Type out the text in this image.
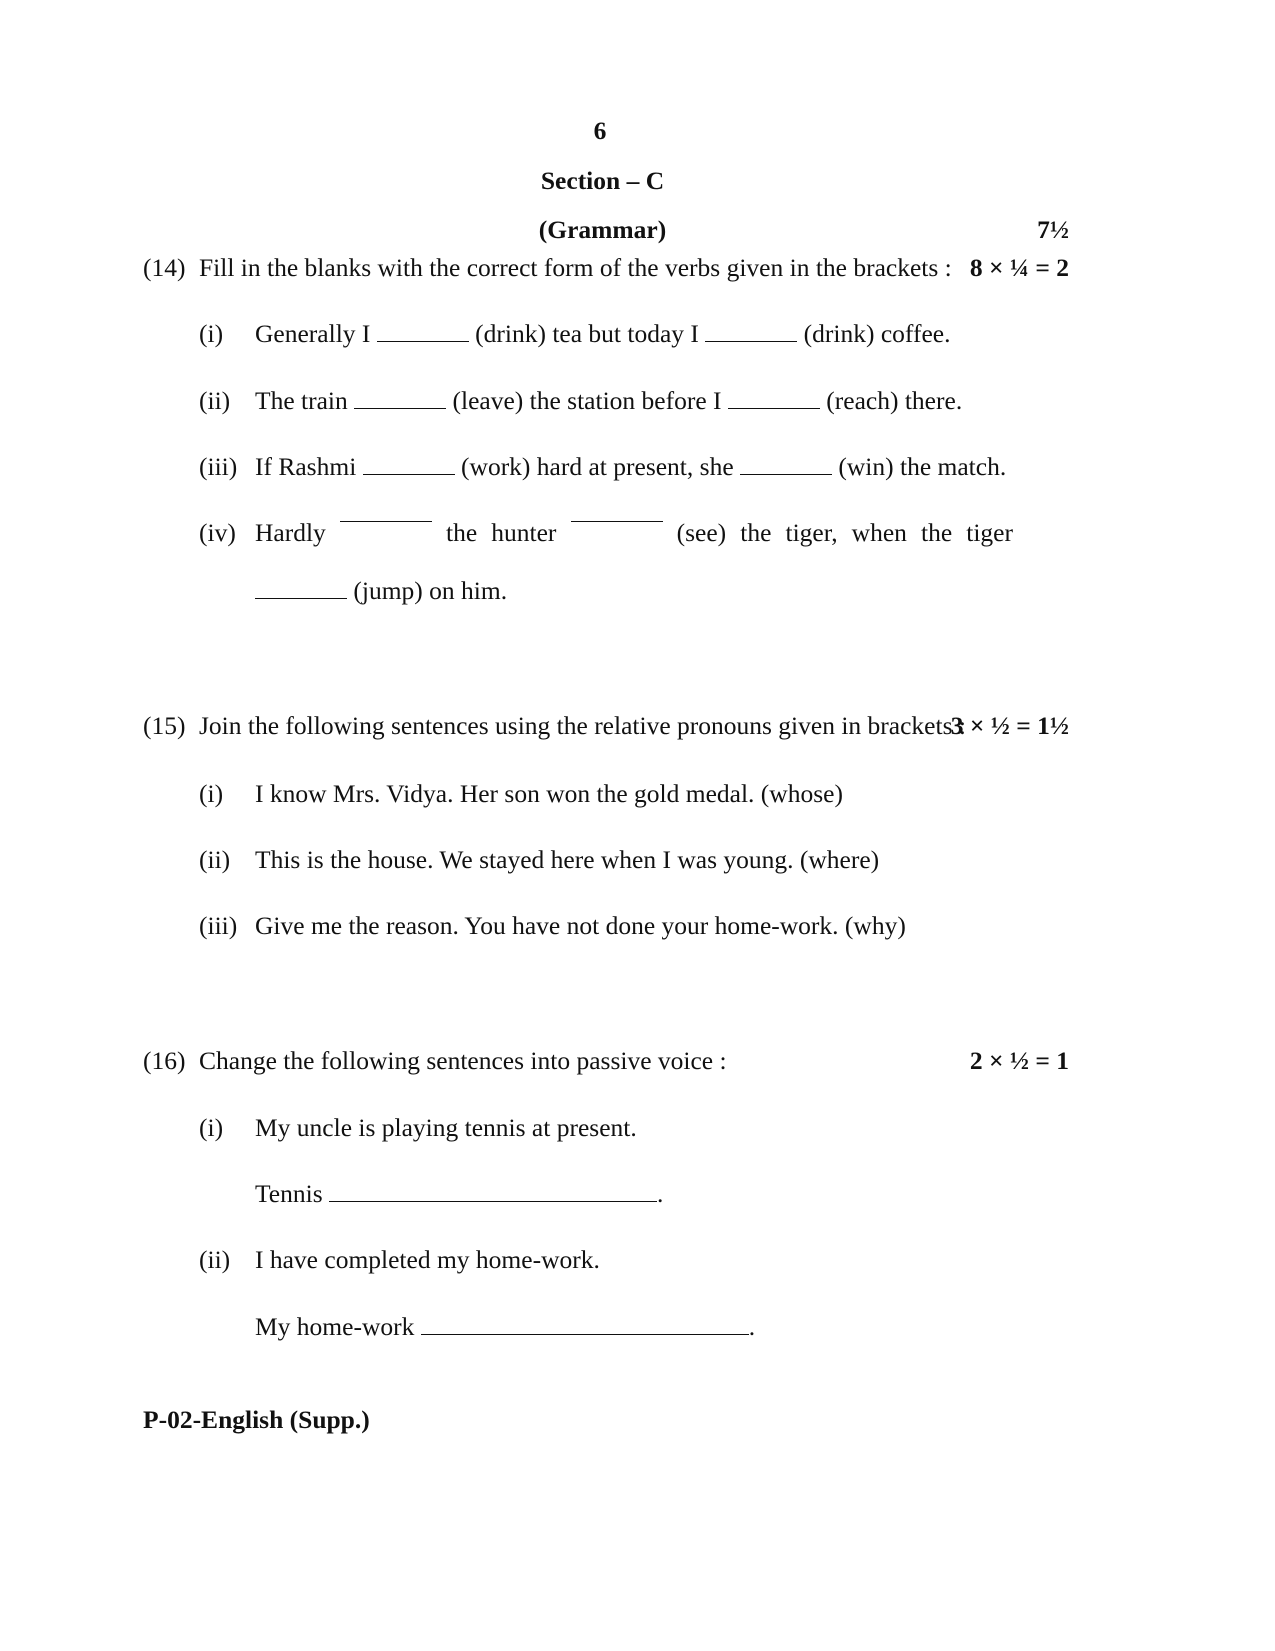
6
Section – C
(Grammar)	7½
(14) Fill in the blanks with the correct form of the verbs given in the brackets : 8 × ¼ = 2
(i) Generally I	(drink) tea but today I	(drink) coffee.
(ii) The train	(leave) the station before I	(reach) there.
(iii) If Rashmi	(work) hard at present, she	(win) the match.
(iv) Hardly	the hunter	(see) the tiger, when the tiger
(jump) on him.
(15) Join the following sentences using the relative pronouns given in brackets :
3 × ½ = 1½
(i) I know Mrs. Vidya. Her son won the gold medal. (whose)
(ii) This is the house. We stayed here when I was young. (where)
(iii) Give me the reason. You have not done your home-work. (why)
(16) Change the following sentences into passive voice :	2 × ½ = 1
(i) My uncle is playing tennis at present.
Tennis	.
(ii) I have completed my home-work.
My home-work	.
P-02-English (Supp.)
